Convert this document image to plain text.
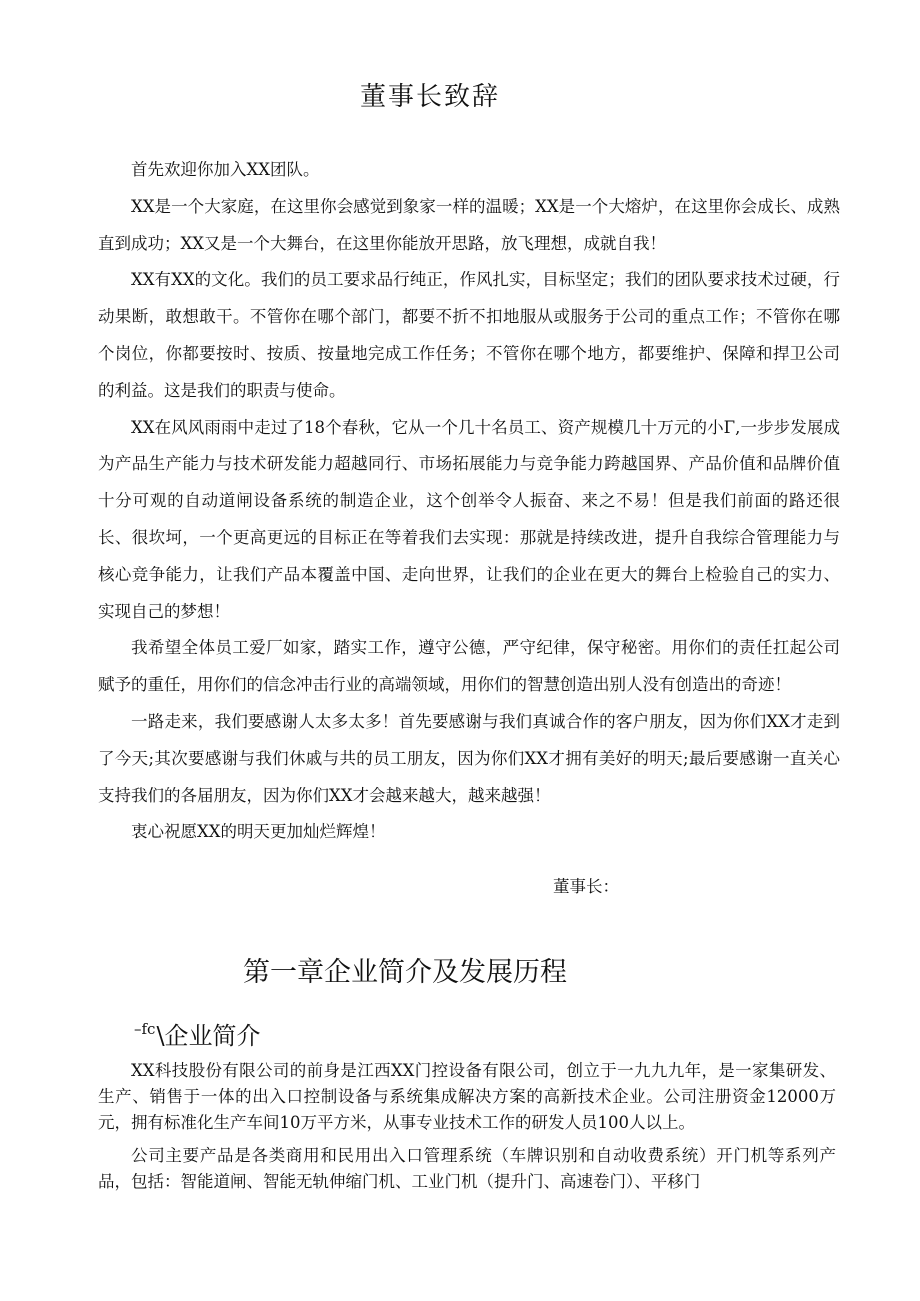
董事长致辞

首先欢迎你加入XX团队。

XX是一个大家庭，在这里你会感觉到象家一样的温暖；XX是一个大熔炉，在这里你会成长、成熟直到成功；XX又是一个大舞台，在这里你能放开思路，放飞理想，成就自我！

XX有XX的文化。我们的员工要求品行纯正，作风扎实，目标坚定；我们的团队要求技术过硬，行动果断，敢想敢干。不管你在哪个部门，都要不折不扣地服从或服务于公司的重点工作；不管你在哪个岗位，你都要按时、按质、按量地完成工作任务；不管你在哪个地方，都要维护、保障和捍卫公司的利益。这是我们的职责与使命。

XX在风风雨雨中走过了18个春秋，它从一个几十名员工、资产规模几十万元的小Γ,一步步发展成为产品生产能力与技术研发能力超越同行、市场拓展能力与竞争能力跨越国界、产品价值和品牌价值十分可观的自动道闸设备系统的制造企业，这个创举令人振奋、来之不易！但是我们前面的路还很长、很坎坷，一个更高更远的目标正在等着我们去实现：那就是持续改进，提升自我综合管理能力与核心竞争能力，让我们产品本覆盖中国、走向世界，让我们的企业在更大的舞台上检验自己的实力、实现自己的梦想！

我希望全体员工爱厂如家，踏实工作，遵守公德，严守纪律，保守秘密。用你们的责任扛起公司赋予的重任，用你们的信念冲击行业的高端领域，用你们的智慧创造出别人没有创造出的奇迹！

一路走来，我们要感谢人太多太多！首先要感谢与我们真诚合作的客户朋友，因为你们XX才走到了今天;其次要感谢与我们休戚与共的员工朋友，因为你们XX才拥有美好的明天;最后要感谢一直关心支持我们的各届朋友，因为你们XX才会越来越大，越来越强！

衷心祝愿XX的明天更加灿烂辉煌！

董事长：

第一章企业简介及发展历程
$^{-fc}$\企业简介

XX科技股份有限公司的前身是江西XX门控设备有限公司，创立于一九九九年，是一家集研发、生产、销售于一体的出入口控制设备与系统集成解决方案的高新技术企业。公司注册资金12000万元，拥有标准化生产车间10万平方米，从事专业技术工作的研发人员100人以上。

公司主要产品是各类商用和民用出入口管理系统（车牌识别和自动收费系统）开门机等系列产品，包括：智能道闸、智能无轨伸缩门机、工业门机（提升门、高速卷门）、平移门
